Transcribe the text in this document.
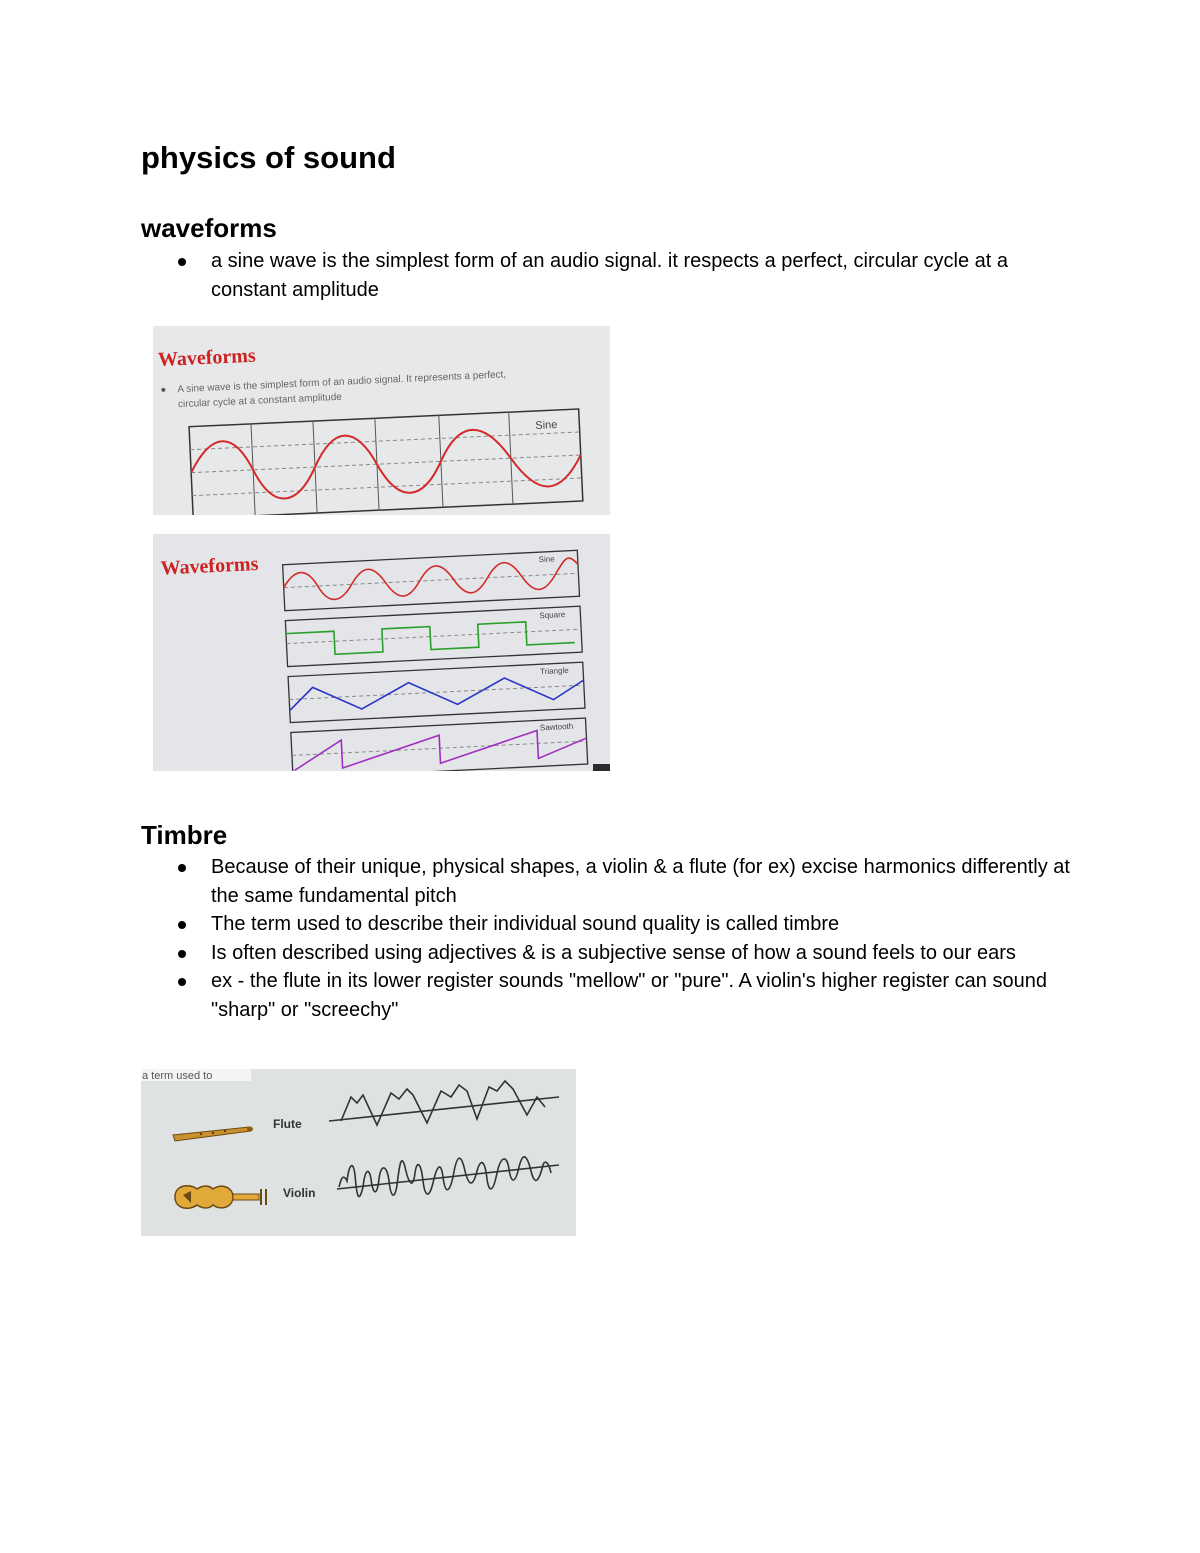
physics of sound
waveforms
a sine wave is the simplest form of an audio signal. it respects a perfect, circular cycle at a constant amplitude
Waveforms
A sine wave is the simplest form of an audio signal. It represents a perfect,
circular cycle at a constant amplitude
Sine
Waveforms	Sine
Square
Triangle
Sawtooth
Timbre
Because of their unique, physical shapes, a violin & a flute (for ex) excise harmonics differently at the same fundamental pitch
The term used to describe their individual sound quality is called timbre
Is often described using adjectives & is a subjective sense of how a sound feels to our ears
ex - the flute in its lower register sounds "mellow" or "pure". A violin's higher register can sound "sharp" or "screechy"
a term used to
Flute
Violin
